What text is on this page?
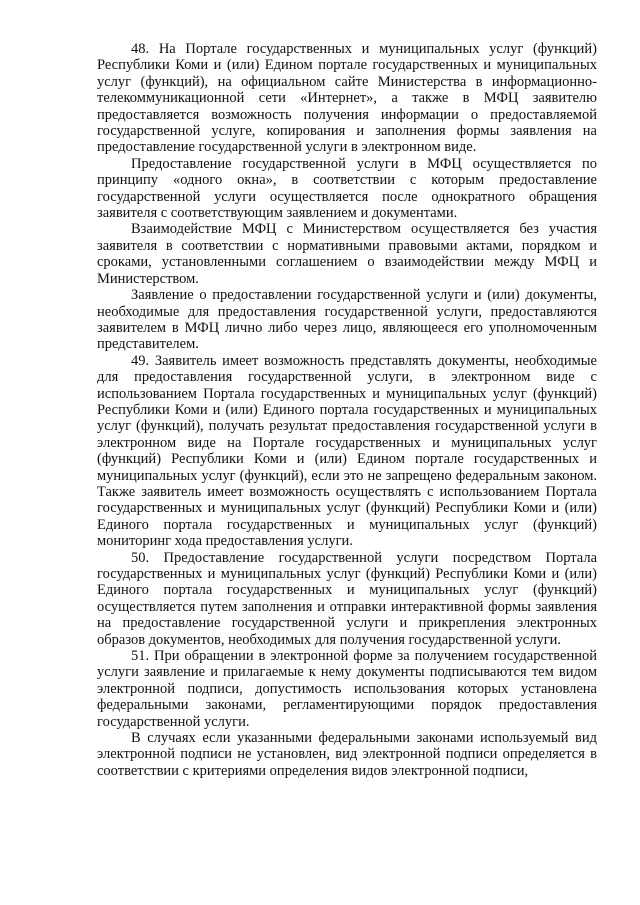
48. На Портале государственных и муниципальных услуг (функций) Республики Коми и (или) Едином портале государственных и муниципальных услуг (функций), на официальном сайте Министерства в информационно-телекоммуникационной сети «Интернет», а также в МФЦ заявителю предоставляется возможность получения информации о предоставляемой государственной услуге, копирования и заполнения формы заявления на предоставление государственной услуги в электронном виде.

Предоставление государственной услуги в МФЦ осуществляется по принципу «одного окна», в соответствии с которым предоставление государственной услуги осуществляется после однократного обращения заявителя с соответствующим заявлением и документами.

Взаимодействие МФЦ с Министерством осуществляется без участия заявителя в соответствии с нормативными правовыми актами, порядком и сроками, установленными соглашением о взаимодействии между МФЦ и Министерством.

Заявление о предоставлении государственной услуги и (или) документы, необходимые для предоставления государственной услуги, предоставляются заявителем в МФЦ лично либо через лицо, являющееся его уполномоченным представителем.

49. Заявитель имеет возможность представлять документы, необходимые для предоставления государственной услуги, в электронном виде с использованием Портала государственных и муниципальных услуг (функций) Республики Коми и (или) Единого портала государственных и муниципальных услуг (функций), получать результат предоставления государственной услуги в электронном виде на Портале государственных и муниципальных услуг (функций) Республики Коми и (или) Едином портале государственных и муниципальных услуг (функций), если это не запрещено федеральным законом. Также заявитель имеет возможность осуществлять с использованием Портала государственных и муниципальных услуг (функций) Республики Коми и (или) Единого портала государственных и муниципальных услуг (функций) мониторинг хода предоставления услуги.

50. Предоставление государственной услуги посредством Портала государственных и муниципальных услуг (функций) Республики Коми и (или) Единого портала государственных и муниципальных услуг (функций) осуществляется путем заполнения и отправки интерактивной формы заявления на предоставление государственной услуги и прикрепления электронных образов документов, необходимых для получения государственной услуги.

51. При обращении в электронной форме за получением государственной услуги заявление и прилагаемые к нему документы подписываются тем видом электронной подписи, допустимость использования которых установлена федеральными законами, регламентирующими порядок предоставления государственной услуги.

В случаях если указанными федеральными законами используемый вид электронной подписи не установлен, вид электронной подписи определяется в соответствии с критериями определения видов электронной подписи,
